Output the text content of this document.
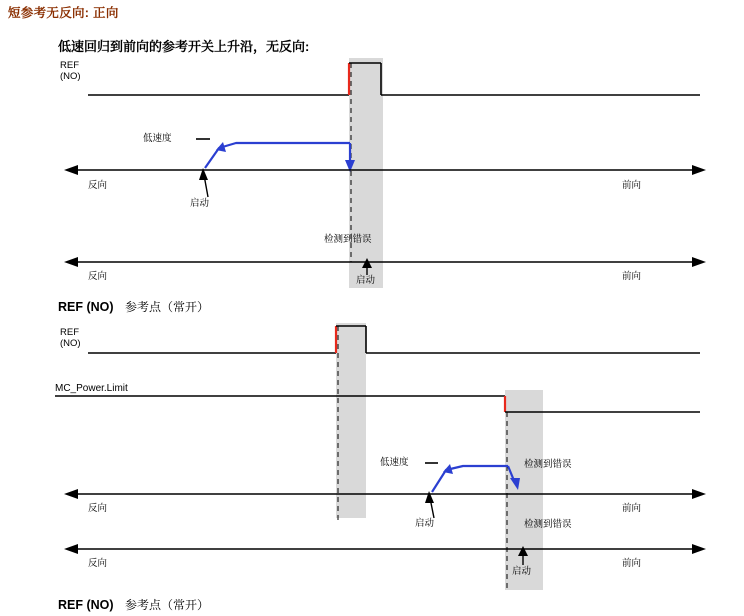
短参考无反向: 正向
低速回归到前向的参考开关上升沿，无反向:
REF
(NO)
低速度
反向	前向
启动
检测到错误
反向	前向
启动
REF (NO) 参考点（常开）
REF
(NO)
MC_Power.Limit
低速度
反向	前向
启动
检测到错误
检测到错误
反向	前向
启动
REF (NO) 参考点（常开）
